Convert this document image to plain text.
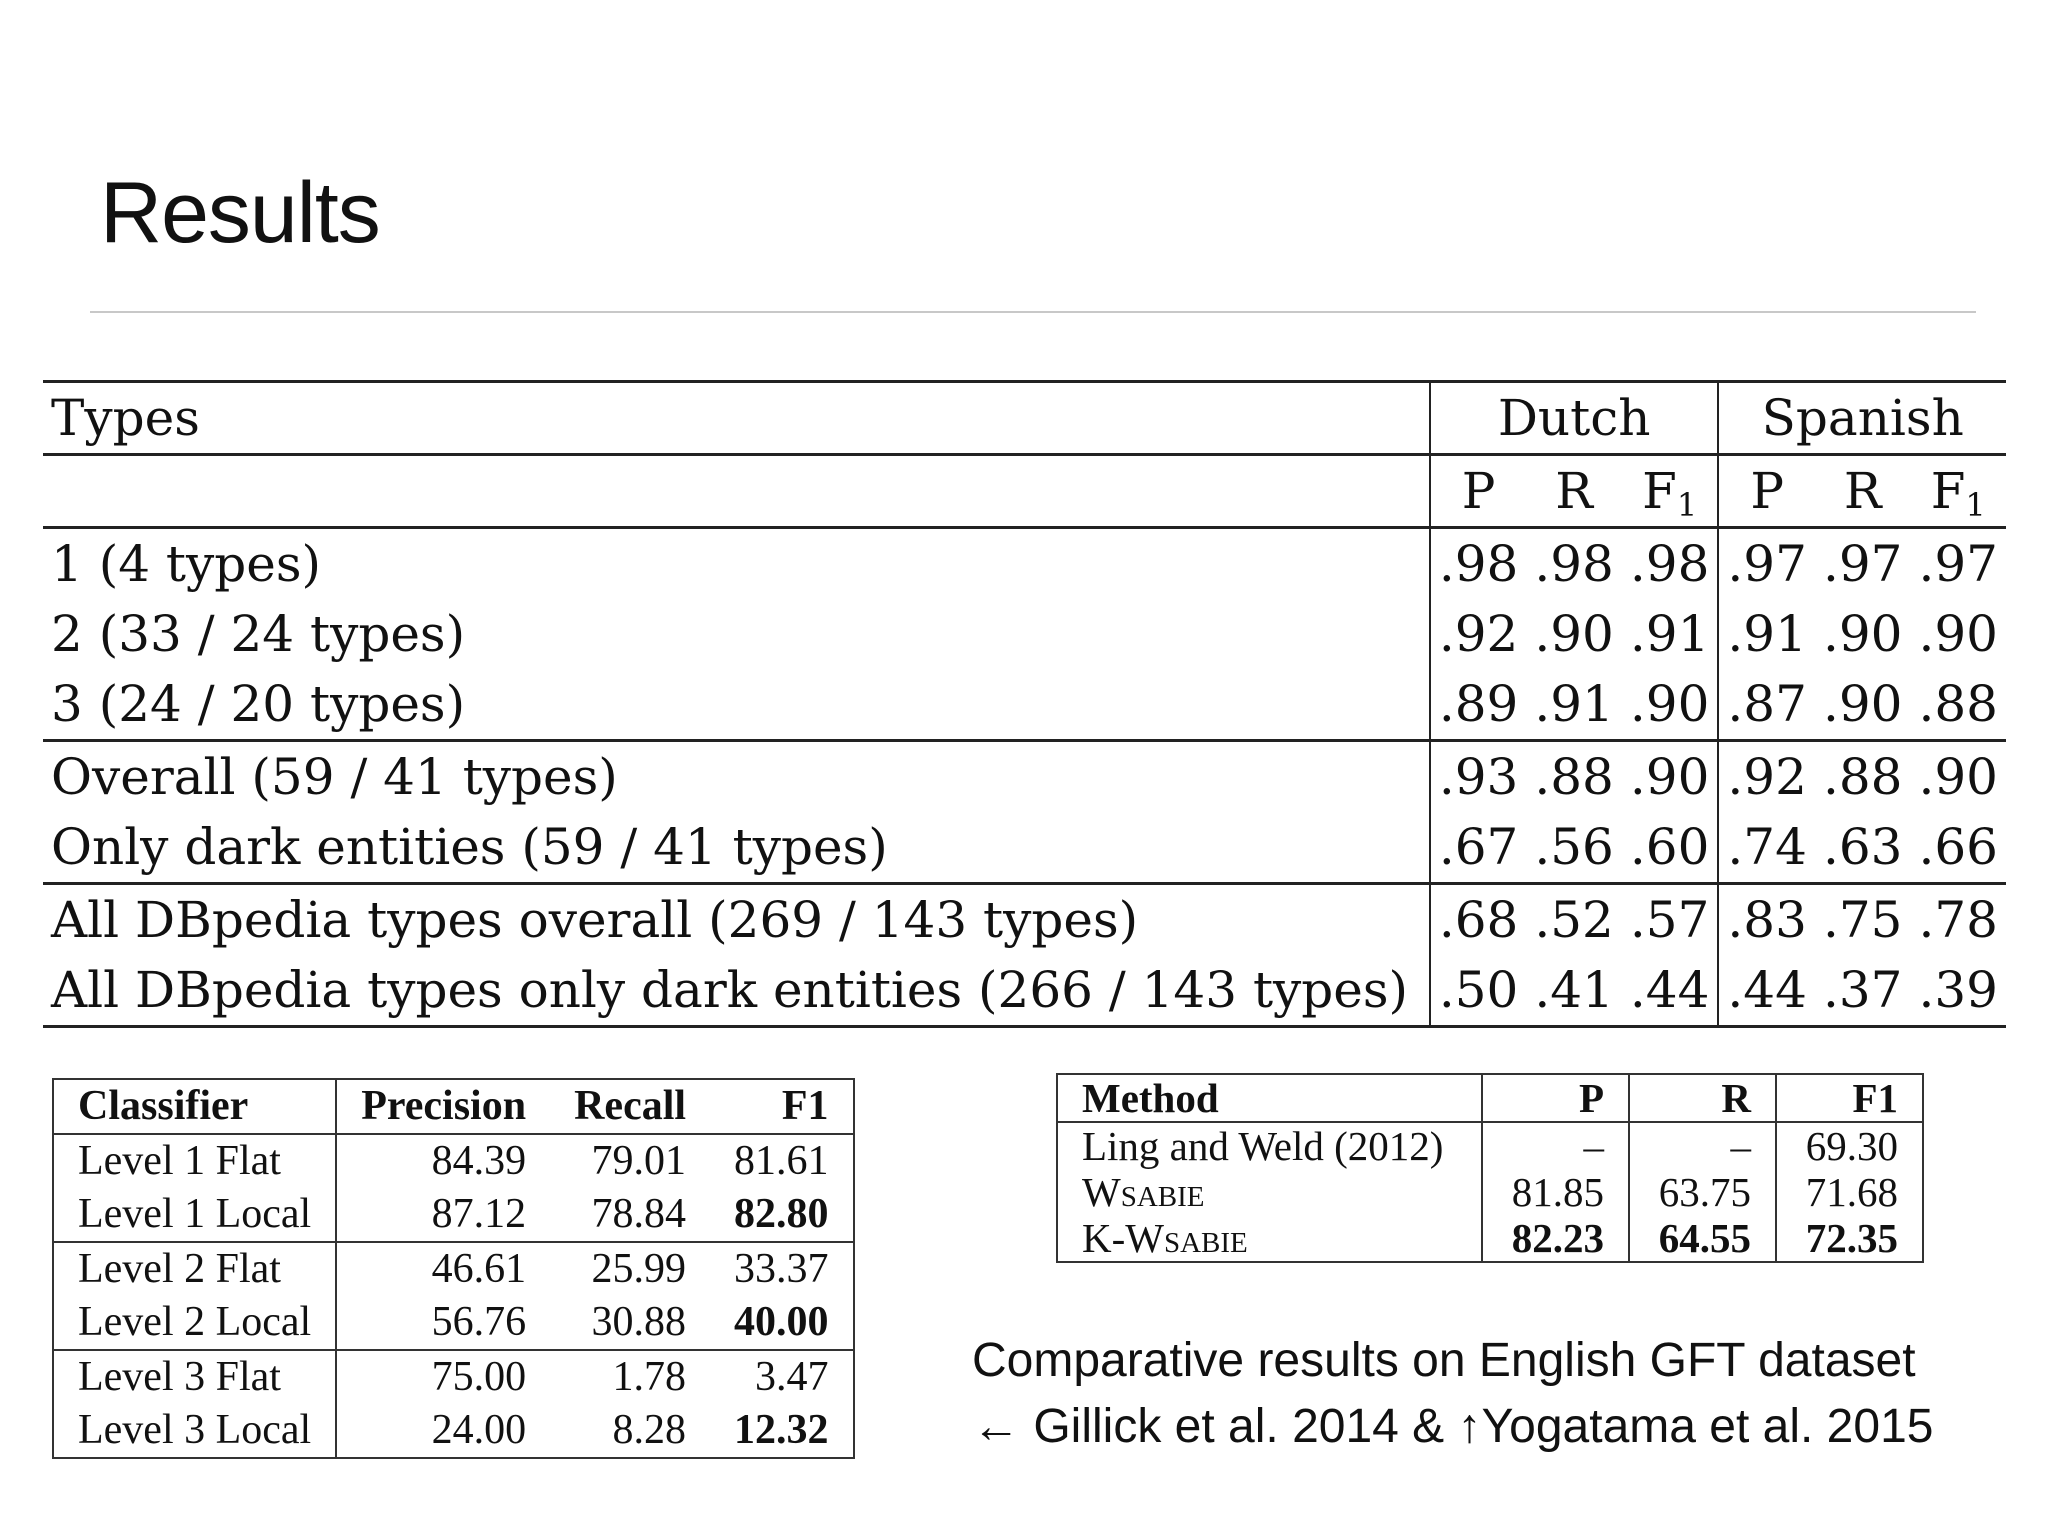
Results
Types	Dutch			Spanish		
	P	R	$F_1$	P	R	$F_1$
1 (4 types)	.98	.98	.98	.97	.97	.97
2 (33 / 24 types)	.92	.90	.91	.91	.90	.90
3 (24 / 20 types)	.89	.91	.90	.87	.90	.88
Overall (59 / 41 types)	.93	.88	.90	.92	.88	.90
Only dark entities (59 / 41 types)	.67	.56	.60	.74	.63	.66
All DBpedia types overall (269 / 143 types)	.68	.52	.57	.83	.75	.78
All DBpedia types only dark entities (266 / 143 types)	.50	.41	.44	.44	.37	.39
Classifier	Precision	Recall	F1
Level 1 Flat	84.39	79.01	81.61
Level 1 Local	87.12	78.84	82.80
Level 2 Flat	46.61	25.99	33.37
Level 2 Local	56.76	30.88	40.00
Level 3 Flat	75.00	1.78	3.47
Level 3 Local	24.00	8.28	12.32
Method	P	R	F1
Ling and Weld (2012)	–	–	69.30
Wsabie	81.85	63.75	71.68
K-Wsabie	82.23	64.55	72.35
Comparative results on English GFT dataset
← Gillick et al. 2014 & ↑Yogatama et al. 2015
